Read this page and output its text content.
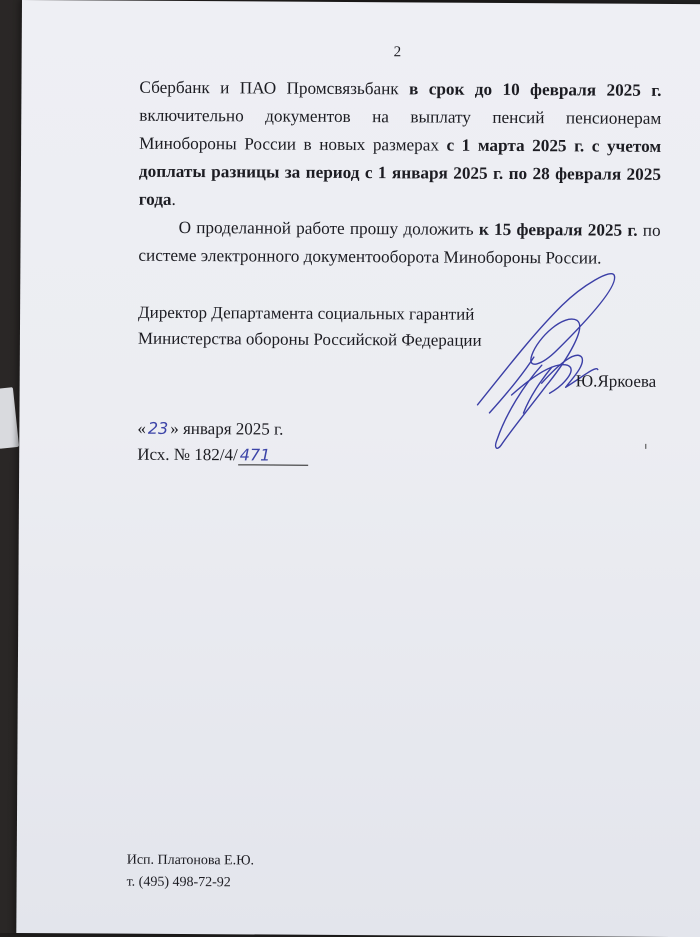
2

Сбербанк и ПАО Промсвязьбанк в срок до 10 февраля 2025 г. включительно документов на выплату пенсий пенсионерам Минобороны России в новых размерах с 1 марта 2025 г. с учетом доплаты разницы за период с 1 января 2025 г. по 28 февраля 2025 года.

О проделанной работе прошу доложить к 15 февраля 2025 г. по системе электронного документооборота Минобороны России.

Директор Департамента социальных гарантий
Министерства обороны Российской Федерации
Ю.Яркоева
« 23 » января 2025 г.
Исх. № 182/4/ 471
Исп. Платонова Е.Ю.
т. (495) 498-72-92
